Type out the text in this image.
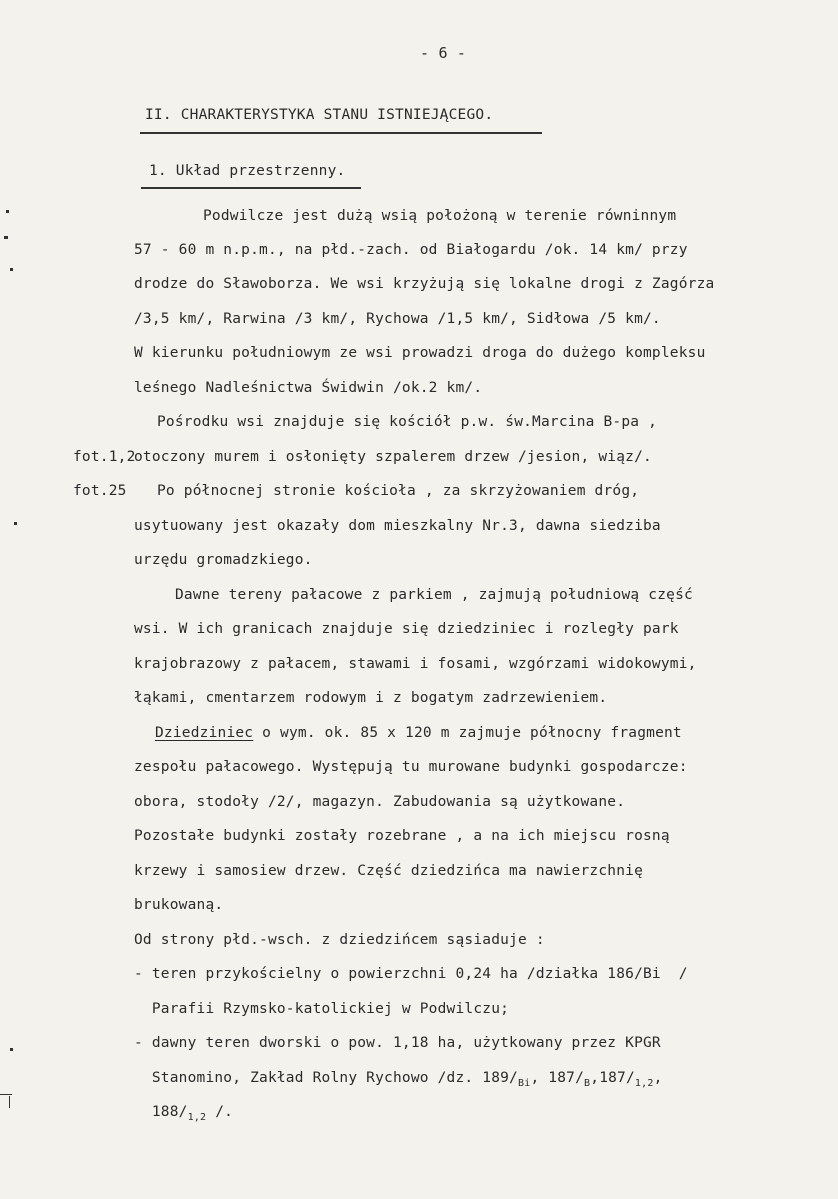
- 6 -
II. CHARAKTERYSTYKA STANU ISTNIEJĄCEGO.
1. Układ przestrzenny.
Podwilcze jest dużą wsią położoną w terenie równinnym
57 - 60 m n.p.m., na płd.-zach. od Białogardu /ok. 14 km/ przy
drodze do Sławoborza. We wsi krzyżują się lokalne drogi z Zagórza
/3,5 km/, Rarwina /3 km/, Rychowa /1,5 km/, Sidłowa /5 km/.
W kierunku południowym ze wsi prowadzi droga do dużego kompleksu
leśnego Nadleśnictwa Świdwin /ok.2 km/.
Pośrodku wsi znajduje się kościół p.w. św.Marcina B-pa ,
fot.1,2
otoczony murem i osłonięty szpalerem drzew /jesion, wiąz/.
fot.25 Po północnej stronie kościoła , za skrzyżowaniem dróg,
usytuowany jest okazały dom mieszkalny Nr.3, dawna siedziba
urzędu gromadzkiego.
Dawne tereny pałacowe z parkiem , zajmują południową część
wsi. W ich granicach znajduje się dziedziniec i rozległy park
krajobrazowy z pałacem, stawami i fosami, wzgórzami widokowymi,
łąkami, cmentarzem rodowym i z bogatym zadrzewieniem.
Dziedziniec o wym. ok. 85 x 120 m zajmuje północny fragment
zespołu pałacowego. Występują tu murowane budynki gospodarcze:
obora, stodoły /2/, magazyn. Zabudowania są użytkowane.
Pozostałe budynki zostały rozebrane , a na ich miejscu rosną
krzewy i samosiew drzew. Część dziedzińca ma nawierzchnię
brukowaną.
Od strony płd.-wsch. z dziedzińcem sąsiaduje :
- teren przykościelny o powierzchni 0,24 ha /działka 186/Bi  /
Parafii Rzymsko-katolickiej w Podwilczu;
- dawny teren dworski o pow. 1,18 ha, użytkowany przez KPGR
Stanomino, Zakład Rolny Rychowo /dz. $189/_{Bi}$, $187/_B,187/_{1,2}$,
$188/_{1,2}$ /.
